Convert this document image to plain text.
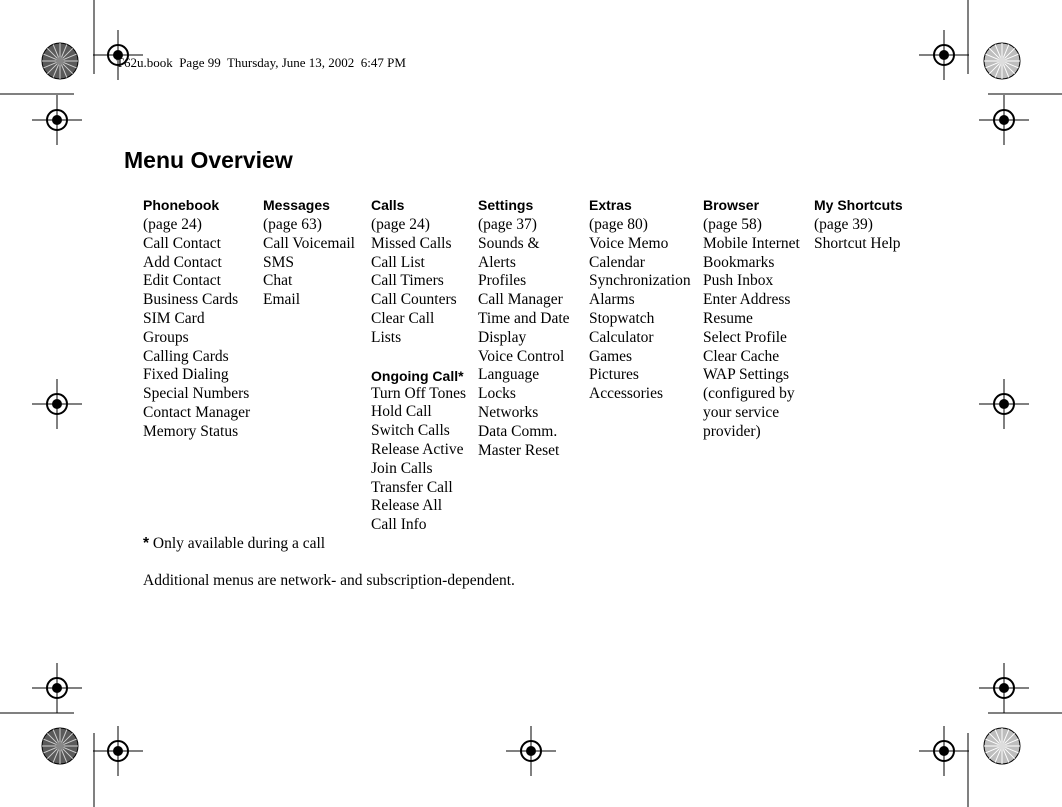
T62u.book  Page 99  Thursday, June 13, 2002  6:47 PM
Menu Overview
Phonebook
(page 24)
Call Contact
Add Contact
Edit Contact
Business Cards
SIM Card
Groups
Calling Cards
Fixed Dialing
Special Numbers
Contact Manager
Memory Status
Messages
(page 63)
Call Voicemail
SMS
Chat
Email
Calls
(page 24)
Missed Calls
Call List
Call Timers
Call Counters
Clear Call
Lists
Ongoing Call*
Turn Off Tones
Hold Call
Switch Calls
Release Active
Join Calls
Transfer Call
Release All
Call Info
Settings
(page 37)
Sounds &
Alerts
Profiles
Call Manager
Time and Date
Display
Voice Control
Language
Locks
Networks
Data Comm.
Master Reset
Extras
(page 80)
Voice Memo
Calendar
Synchronization
Alarms
Stopwatch
Calculator
Games
Pictures
Accessories
Browser
(page 58)
Mobile Internet
Bookmarks
Push Inbox
Enter Address
Resume
Select Profile
Clear Cache
WAP Settings
(configured by
your service
provider)
My Shortcuts
(page 39)
Shortcut Help
* Only available during a call
Additional menus are network- and subscription-dependent.
